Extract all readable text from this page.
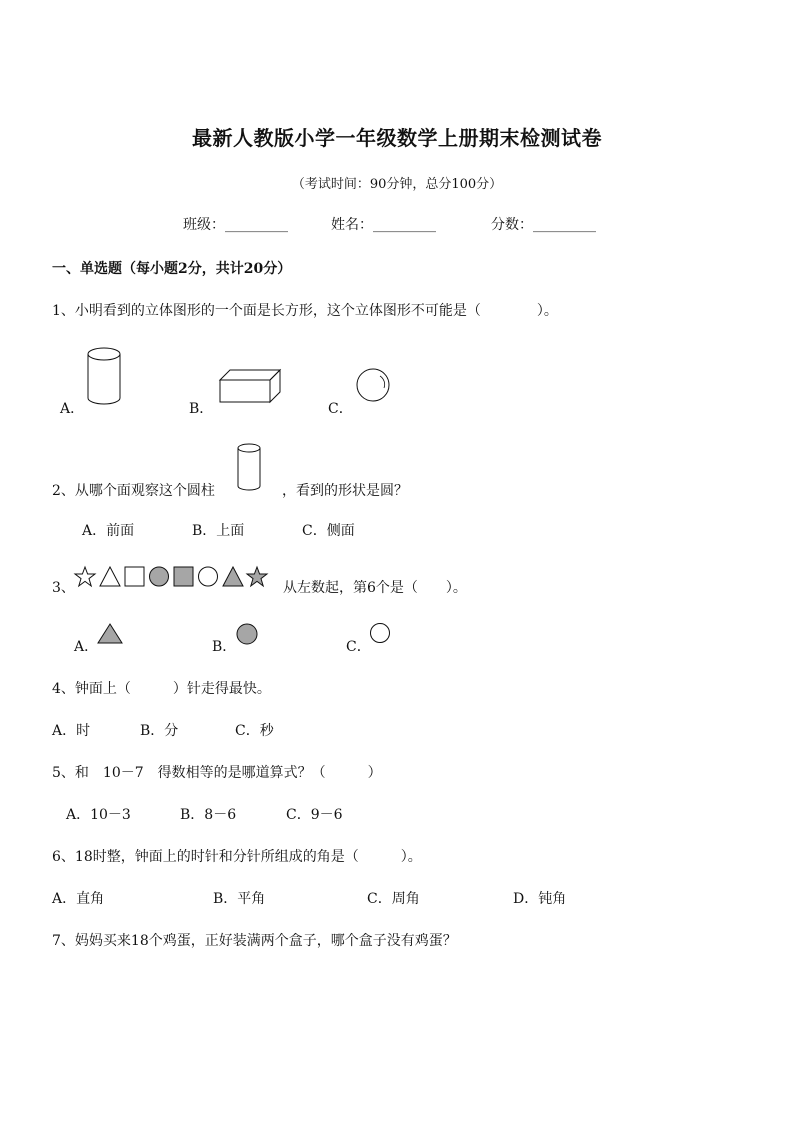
最新人教版小学一年级数学上册期末检测试卷
（考试时间：90分钟，总分100分）
班级：_________	姓名：_________	分数：_________
一、单选题（每小题2分，共计20分）
1、小明看到的立体图形的一个面是长方形，这个立体图形不可能是（　　　　）。
A．	B．	C．
2、从哪个面观察这个圆柱	，看到的形状是圆？
A．前面	B．上面	C．侧面
3、	从左数起，第6个是（　　）。
A．	B．	C．
4、钟面上（　　　）针走得最快。
A．时	B．分	C．秒
5、和　10－7　得数相等的是哪道算式？（　　　）
A．10－3	B．8－6	C．9－6
6、18时整，钟面上的时针和分针所组成的角是（　　　）。
A．直角	B．平角	C．周角	D．钝角
7、妈妈买来18个鸡蛋，正好装满两个盒子，哪个盒子没有鸡蛋？
